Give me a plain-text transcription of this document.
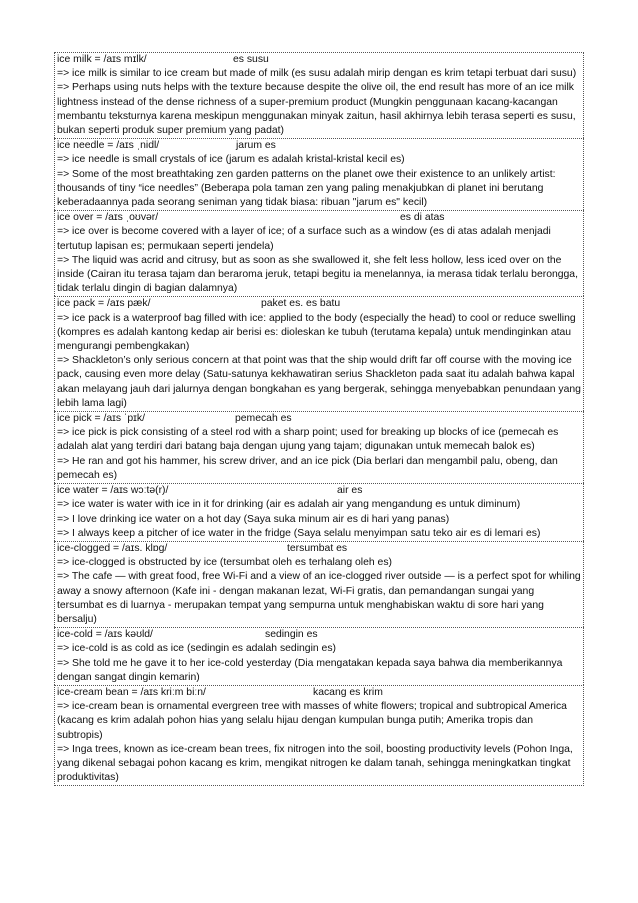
ice milk = /aɪs mɪlk/	es susu
=> ice milk is similar to ice cream but made of milk (es susu adalah mirip dengan es krim tetapi terbuat dari susu)
=> Perhaps using nuts helps with the texture because despite the olive oil, the end result has more of an ice milk lightness instead of the dense richness of a super-premium product (Mungkin penggunaan kacang-kacangan membantu teksturnya karena meskipun menggunakan minyak zaitun, hasil akhirnya lebih terasa seperti es susu, bukan seperti produk super premium yang padat)
ice needle = /aɪs ˌnidl/	jarum es
=> ice needle is small crystals of ice (jarum es adalah kristal-kristal kecil es)
=> Some of the most breathtaking zen garden patterns on the planet owe their existence to an unlikely artist: thousands of tiny “ice needles” (Beberapa pola taman zen yang paling menakjubkan di planet ini berutang keberadaannya pada seorang seniman yang tidak biasa: ribuan "jarum es" kecil)
ice over = /aɪs ˌoʊvər/	es di atas
=> ice over is become covered with a layer of ice; of a surface such as a window (es di atas adalah menjadi tertutup lapisan es; permukaan seperti jendela)
=> The liquid was acrid and citrusy, but as soon as she swallowed it, she felt less hollow, less iced over on the inside (Cairan itu terasa tajam dan beraroma jeruk, tetapi begitu ia menelannya, ia merasa tidak terlalu berongga, tidak terlalu dingin di bagian dalamnya)
ice pack = /aɪs pæk/	paket es. es batu
=> ice pack is a waterproof bag filled with ice: applied to the body (especially the head) to cool or reduce swelling (kompres es adalah kantong kedap air berisi es: dioleskan ke tubuh (terutama kepala) untuk mendinginkan atau mengurangi pembengkakan)
=> Shackleton’s only serious concern at that point was that the ship would drift far off course with the moving ice pack, causing even more delay (Satu-satunya kekhawatiran serius Shackleton pada saat itu adalah bahwa kapal akan melayang jauh dari jalurnya dengan bongkahan es yang bergerak, sehingga menyebabkan penundaan yang lebih lama lagi)
ice pick = /aɪs ˈpɪk/	pemecah es
=> ice pick is pick consisting of a steel rod with a sharp point; used for breaking up blocks of ice (pemecah es adalah alat yang terdiri dari batang baja dengan ujung yang tajam; digunakan untuk memecah balok es)
=> He ran and got his hammer, his screw driver, and an ice pick (Dia berlari dan mengambil palu, obeng, dan pemecah es)
ice water = /aɪs wɔːtə(r)/	air es
=> ice water is water with ice in it for drinking (air es adalah air yang mengandung es untuk diminum)
=> I love drinking ice water on a hot day (Saya suka minum air es di hari yang panas)
=> I always keep a pitcher of ice water in the fridge (Saya selalu menyimpan satu teko air es di lemari es)
ice-clogged = /aɪs. klɒg/	tersumbat es
=> ice-clogged is obstructed by ice (tersumbat oleh es terhalang oleh es)
=> The cafe — with great food, free Wi-Fi and a view of an ice-clogged river outside — is a perfect spot for whiling away a snowy afternoon (Kafe ini - dengan makanan lezat, Wi-Fi gratis, dan pemandangan sungai yang tersumbat es di luarnya - merupakan tempat yang sempurna untuk menghabiskan waktu di sore hari yang bersalju)
ice-cold = /aɪs kəʊld/	sedingin es
=> ice-cold is as cold as ice (sedingin es adalah sedingin es)
=> She told me he gave it to her ice-cold yesterday (Dia mengatakan kepada saya bahwa dia memberikannya dengan sangat dingin kemarin)
ice-cream bean = /aɪs kriːm biːn/	kacang es krim
=> ice-cream bean is ornamental evergreen tree with masses of white flowers; tropical and subtropical America (kacang es krim adalah pohon hias yang selalu hijau dengan kumpulan bunga putih; Amerika tropis dan subtropis)
=> Inga trees, known as ice-cream bean trees, fix nitrogen into the soil, boosting productivity levels (Pohon Inga, yang dikenal sebagai pohon kacang es krim, mengikat nitrogen ke dalam tanah, sehingga meningkatkan tingkat produktivitas)
